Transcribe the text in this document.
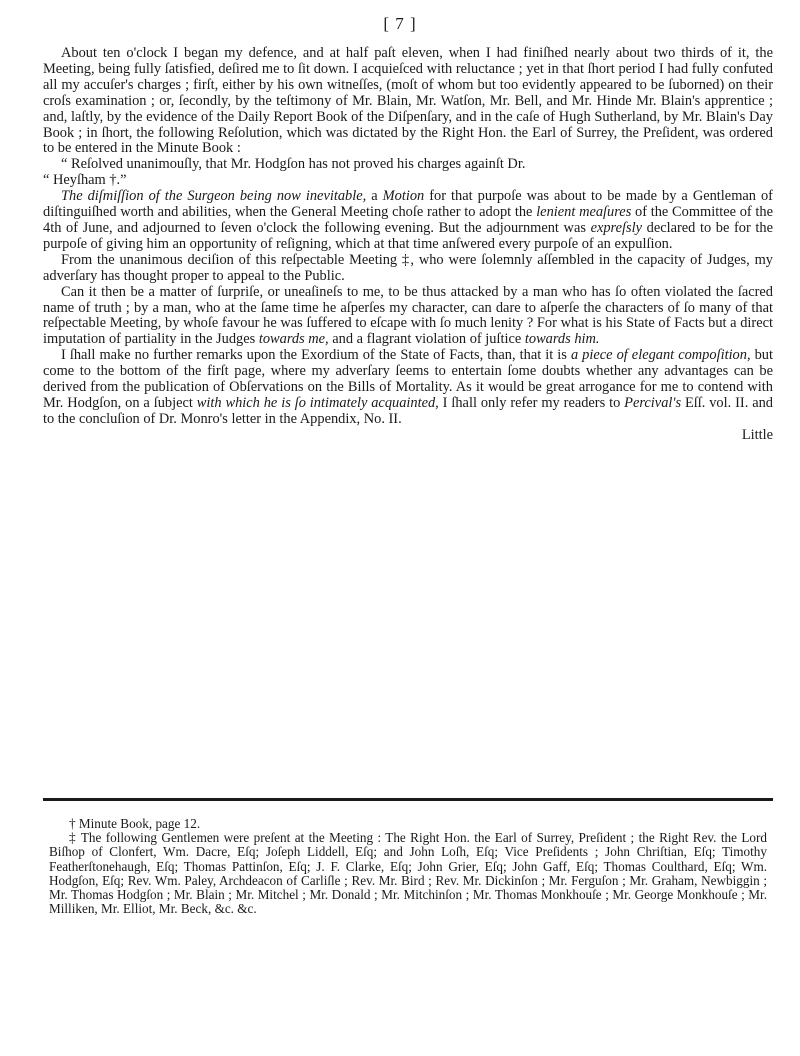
[ 7 ]

About ten o'clock I began my defence, and at half paſt eleven, when I had finiſhed nearly about two thirds of it, the Meeting, being fully ſatisfied, deſired me to ſit down. I acquieſced with reluctance ; yet in that ſhort period I had fully confuted all my accuſer's charges ; firſt, either by his own witneſſes, (moſt of whom but too evidently appeared to be ſuborned) on their croſs examination ; or, ſecondly, by the teſtimony of Mr. Blain, Mr. Watſon, Mr. Bell, and Mr. Hinde Mr. Blain's apprentice ; and, laſtly, by the evidence of the Daily Report Book of the Diſpenſary, and in the caſe of Hugh Sutherland, by Mr. Blain's Day Book ; in ſhort, the following Reſolution, which was dictated by the Right Hon. the Earl of Surrey, the Preſident, was ordered to be entered in the Minute Book :

“ Reſolved unanimouſly, that Mr. Hodgſon has not proved his charges againſt Dr.

“ Heyſham †.”

The diſmiſſion of the Surgeon being now inevitable, a Motion for that purpoſe was about to be made by a Gentleman of diſtinguiſhed worth and abilities, when the General Meeting choſe rather to adopt the lenient meaſures of the Committee of the 4th of June, and adjourned to ſeven o'clock the following evening. But the adjournment was expreſsly declared to be for the purpoſe of giving him an opportunity of reſigning, which at that time anſwered every purpoſe of an expulſion.

From the unanimous deciſion of this reſpectable Meeting ‡, who were ſolemnly aſſembled in the capacity of Judges, my adverſary has thought proper to appeal to the Public.

Can it then be a matter of ſurpriſe, or uneaſineſs to me, to be thus attacked by a man who has ſo often violated the ſacred name of truth ; by a man, who at the ſame time he aſperſes my character, can dare to aſperſe the characters of ſo many of that reſpectable Meeting, by whoſe favour he was ſuffered to eſcape with ſo much lenity ? For what is his State of Facts but a direct imputation of partiality in the Judges towards me, and a flagrant violation of juſtice towards him.

I ſhall make no further remarks upon the Exordium of the State of Facts, than, that it is a piece of elegant compoſition, but come to the bottom of the firſt page, where my adverſary ſeems to entertain ſome doubts whether any advantages can be derived from the publication of Obſervations on the Bills of Mortality. As it would be great arrogance for me to contend with Mr. Hodgſon, on a ſubject with which he is ſo intimately acquainted, I ſhall only refer my readers to Percival's Eſſ. vol. II. and to the concluſion of Dr. Monro's letter in the Appendix, No. II.

Little

† Minute Book, page 12.

‡ The following Gentlemen were preſent at the Meeting : The Right Hon. the Earl of Surrey, Preſident ; the Right Rev. the Lord Biſhop of Clonfert, Wm. Dacre, Eſq; Joſeph Liddell, Eſq; and John Loſh, Eſq; Vice Preſidents ; John Chriſtian, Eſq; Timothy Featherſtonehaugh, Eſq; Thomas Pattinſon, Eſq; J. F. Clarke, Eſq; John Grier, Eſq; John Gaff, Eſq; Thomas Coulthard, Eſq; Wm. Hodgſon, Eſq; Rev. Wm. Paley, Archdeacon of Carliſle ; Rev. Mr. Bird ; Rev. Mr. Dickinſon ; Mr. Ferguſon ; Mr. Graham, Newbiggin ; Mr. Thomas Hodgſon ; Mr. Blain ; Mr. Mitchel ; Mr. Donald ; Mr. Mitchinſon ; Mr. Thomas Monkhouſe ; Mr. George Monkhouſe ; Mr. Milliken, Mr. Elliot, Mr. Beck, &c. &c.
